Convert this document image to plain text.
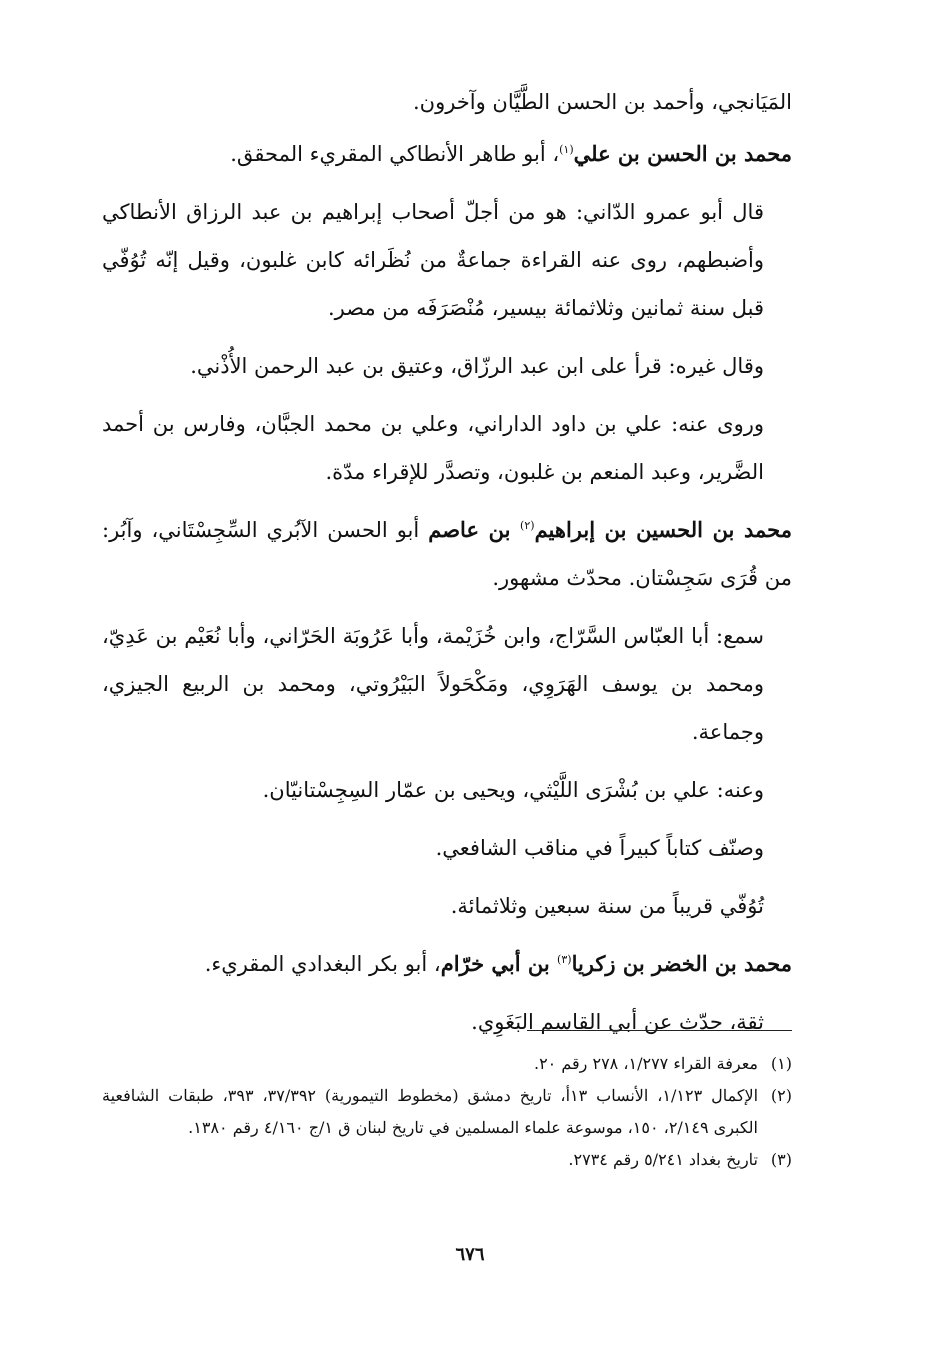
المَيَانجي، وأحمد بن الحسن الطَّيَّان وآخرون.

محمد بن الحسن بن علي$^{(١)}$، أبو طاهر الأنطاكي المقريء المحقق.

قال أبو عمرو الدّاني: هو من أجلّ أصحاب إبراهيم بن عبد الرزاق الأنطاكي وأضبطهم، روى عنه القراءة جماعةٌ من نُظَرائه كابن غلبون، وقيل إنّه تُوُفّي قبل سنة ثمانين وثلاثمائة بيسير، مُنْصَرَفَه من مصر.

وقال غيره: قرأ على ابن عبد الرزّاق، وعتيق بن عبد الرحمن الأُذْني.

وروى عنه: علي بن داود الداراني، وعلي بن محمد الجبَّان، وفارس بن أحمد الضَّرير، وعبد المنعم بن غلبون، وتصدَّر للإقراء مدّة.

محمد بن الحسين بن إبراهيم$^{(٢)}$ بن عاصم أبو الحسن الآبُري السِّجِسْتَاني، وآبُر: من قُرَى سَجِسْتان. محدّث مشهور.

سمع: أبا العبّاس السَّرّاج، وابن خُزَيْمة، وأبا عَرُوبَة الحَرّاني، وأبا نُعَيْم بن عَدِيّ، ومحمد بن يوسف الهَرَوِي، ومَكْحَولاً البَيْرُوتي، ومحمد بن الربيع الجيزي، وجماعة.

وعنه: علي بن بُشْرَى اللَّيْثي، ويحيى بن عمّار السِجِسْتانيّان.

وصنّف كتاباً كبيراً في مناقب الشافعي.

تُوُفّي قريباً من سنة سبعين وثلاثمائة.

محمد بن الخضر بن زكريا$^{(٣)}$ بن أبي خرّام، أبو بكر البغدادي المقريء.

ثقة، حدّث عن أبي القاسم البَغَوِي.

(١)
معرفة القراء ١/٢٧٧، ٢٧٨ رقم ٢٠.
(٢)
الإكمال ١/١٢٣، الأنساب ١٣أ، تاريخ دمشق (مخطوط التيمورية) ٣٧/٣٩٢، ٣٩٣، طبقات الشافعية الكبرى ٢/١٤٩، ١٥٠، موسوعة علماء المسلمين في تاريخ لبنان ق ١/ج ٤/١٦٠ رقم ١٣٨٠.
(٣)
تاريخ بغداد ٥/٢٤١ رقم ٢٧٣٤.
٦٧٦
